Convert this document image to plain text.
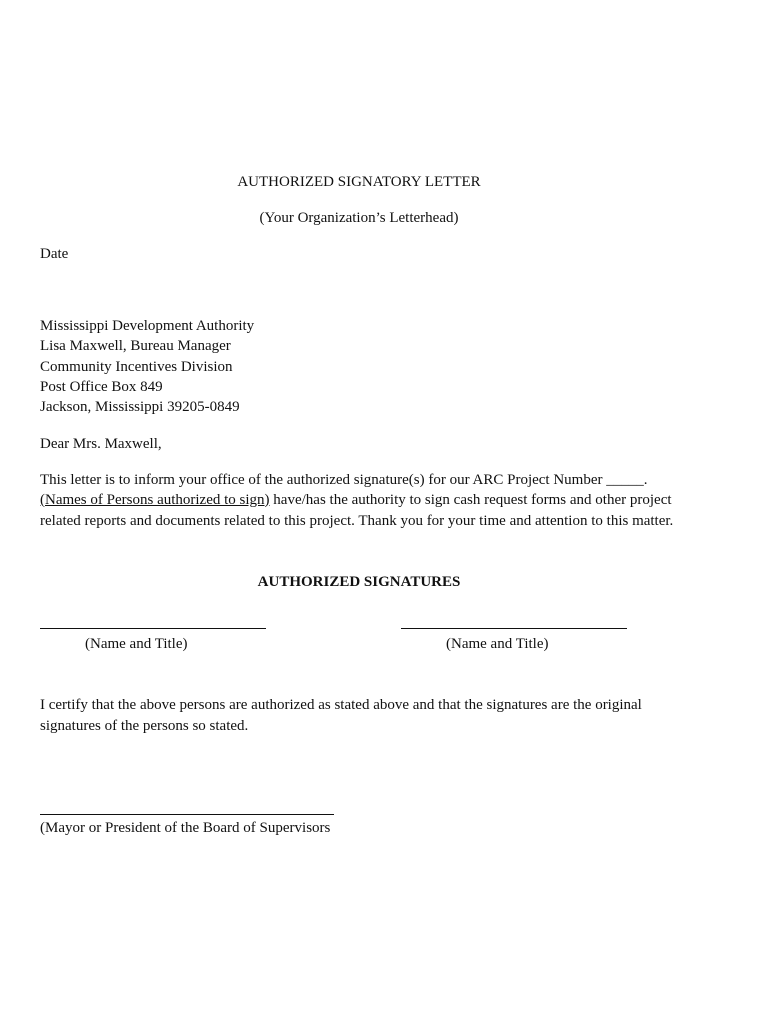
AUTHORIZED SIGNATORY LETTER
(Your Organization’s Letterhead)
Date
Mississippi Development Authority
Lisa Maxwell, Bureau Manager
Community Incentives Division
Post Office Box 849
Jackson, Mississippi 39205-0849
Dear Mrs. Maxwell,
This letter is to inform your office of the authorized signature(s) for our ARC Project Number _____.
(Names of Persons authorized to sign) have/has the authority to sign cash request forms and other project
related reports and documents related to this project. Thank you for your time and attention to this matter.
AUTHORIZED SIGNATURES
(Name and Title)	(Name and Title)
I certify that the above persons are authorized as stated above and that the signatures are the original
signatures of the persons so stated.
(Mayor or President of the Board of Supervisors
